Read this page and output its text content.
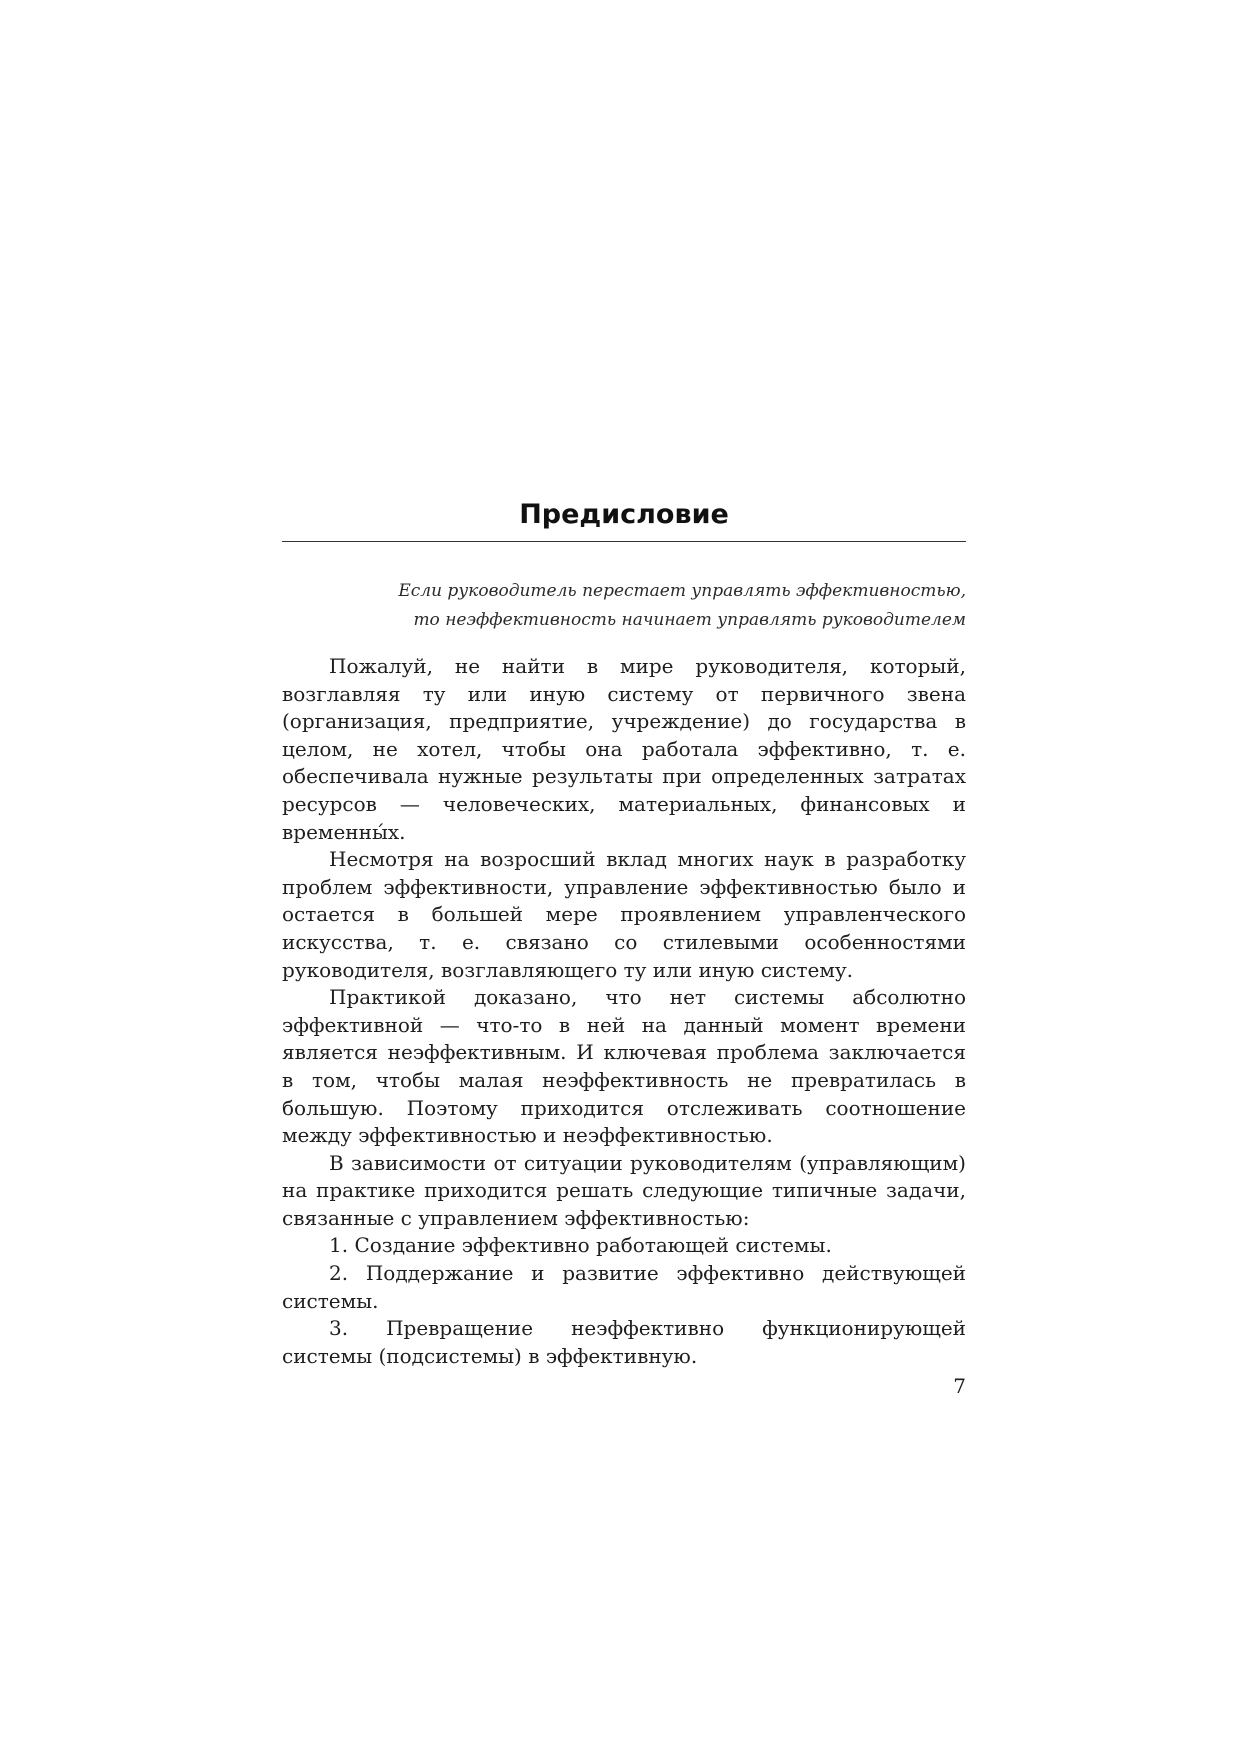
Предисловие
Если руководитель перестает управлять эффективностью,
то неэффективность начинает управлять руководителем

Пожалуй, не найти в мире руководителя, который, возглавляя ту или иную систему от первичного звена (организация, предприятие, учреждение) до государства в целом, не хотел, чтобы она работала эффективно, т. е. обеспечивала нужные результаты при определенных затратах ресурсов — человеческих, материальных, финансовых и временны́х.

Несмотря на возросший вклад многих наук в разработку проблем эффективности, управление эффективностью было и остается в большей мере проявлением управленческого искусства, т. е. связано со стилевыми особенностями руководителя, возглавляющего ту или иную систему.

Практикой доказано, что нет системы абсолютно эффективной — что-то в ней на данный момент времени является неэффективным. И ключевая проблема заключается в том, чтобы малая неэффективность не превратилась в большую. Поэтому приходится отслеживать соотношение между эффективностью и неэффективностью.

В зависимости от ситуации руководителям (управляющим) на практике приходится решать следующие типичные задачи, связанные с управлением эффективностью:

1. Создание эффективно работающей системы.

2. Поддержание и развитие эффективно действующей системы.

3. Превращение неэффективно функционирующей системы (подсистемы) в эффективную.

7
